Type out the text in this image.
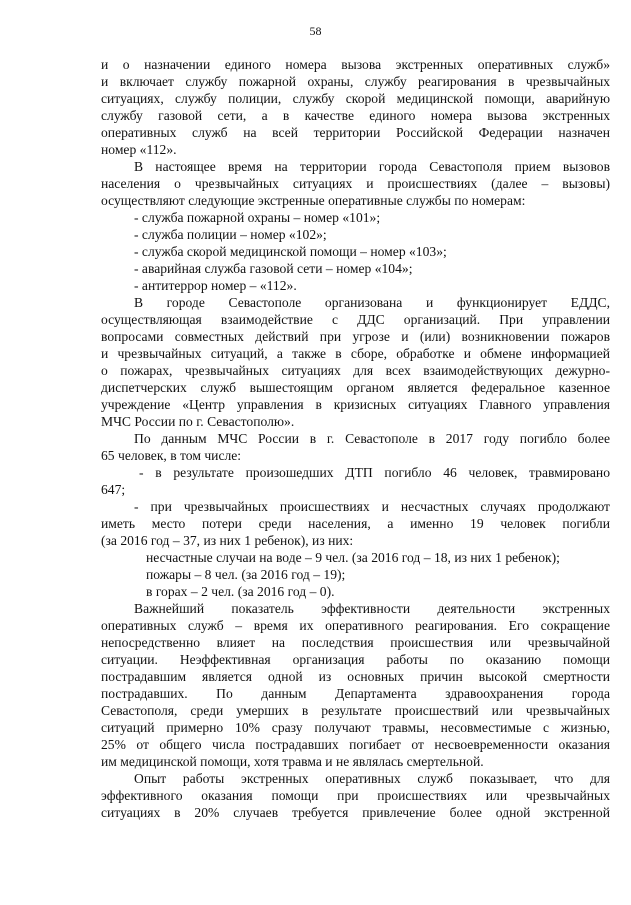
58

и о назначении единого номера вызова экстренных оперативных служб»

и включает службу пожарной охраны, службу реагирования в чрезвычайных

ситуациях, службу полиции, службу скорой медицинской помощи, аварийную

службу газовой сети, а в качестве единого номера вызова экстренных

оперативных служб на всей территории Российской Федерации назначен

номер «112».

В настоящее время на территории города Севастополя прием вызовов

населения о чрезвычайных ситуациях и происшествиях (далее – вызовы)

осуществляют следующие экстренные оперативные службы по номерам:

- служба пожарной охраны – номер «101»;

- служба полиции – номер «102»;

- служба скорой медицинской помощи – номер «103»;

- аварийная служба газовой сети – номер «104»;

- антитеррор номер – «112».

В городе Севастополе организована и функционирует ЕДДС,

осуществляющая взаимодействие с ДДС организаций. При управлении

вопросами совместных действий при угрозе и (или) возникновении пожаров

и чрезвычайных ситуаций, а также в сборе, обработке и обмене информацией

о пожарах, чрезвычайных ситуациях для всех взаимодействующих дежурно-

диспетчерских служб вышестоящим органом является федеральное казенное

учреждение «Центр управления в кризисных ситуациях Главного управления

МЧС России по г. Севастополю».

По данным МЧС России в г. Севастополе в 2017 году погибло более

65 человек, в том числе:

- в результате произошедших ДТП погибло 46 человек, травмировано

647;

- при чрезвычайных происшествиях и несчастных случаях продолжают

иметь место потери среди населения, а именно 19 человек погибли

(за 2016 год – 37, из них 1 ребенок), из них:

несчастные случаи на воде – 9 чел. (за 2016 год – 18, из них 1 ребенок);

пожары – 8 чел. (за 2016 год – 19);

в горах – 2 чел. (за 2016 год – 0).

Важнейший показатель эффективности деятельности экстренных

оперативных служб – время их оперативного реагирования. Его сокращение

непосредственно влияет на последствия происшествия или чрезвычайной

ситуации. Неэффективная организация работы по оказанию помощи

пострадавшим является одной из основных причин высокой смертности

пострадавших. По данным Департамента здравоохранения города

Севастополя, среди умерших в результате происшествий или чрезвычайных

ситуаций примерно 10% сразу получают травмы, несовместимые с жизнью,

25% от общего числа пострадавших погибает от несвоевременности оказания

им медицинской помощи, хотя травма и не являлась смертельной.

Опыт работы экстренных оперативных служб показывает, что для

эффективного оказания помощи при происшествиях или чрезвычайных

ситуациях в 20% случаев требуется привлечение более одной экстренной
